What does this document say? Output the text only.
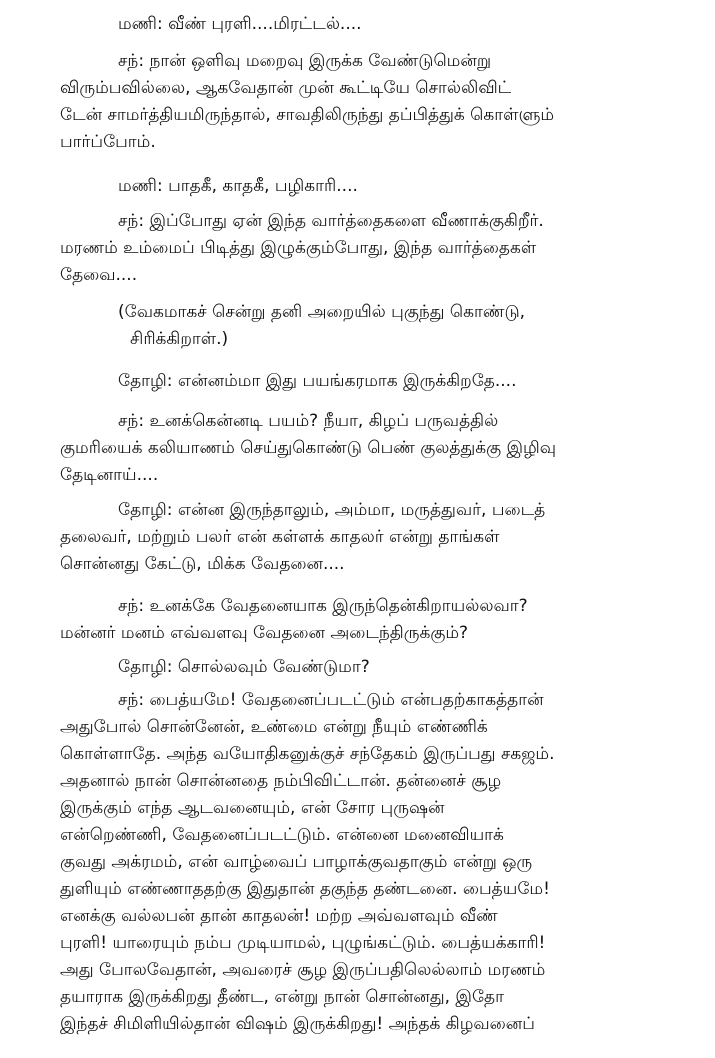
மணி: வீண் புரளி....மிரட்டல்....
சந்: நான் ஒளிவு மறைவு இருக்க வேண்டுமென்று
விரும்பவில்லை, ஆகவேதான் முன் கூட்டியே சொல்லிவிட்
டேன் சாமர்த்தியமிருந்தால், சாவதிலிருந்து தப்பித்துக் கொள்ளும்
பார்ப்போம்.
மணி: பாதகீ, காதகீ, பழிகாரி....
சந்: இப்போது ஏன் இந்த வார்த்தைகளை வீணாக்குகிறீர்.
மரணம் உம்மைப் பிடித்து இழுக்கும்போது, இந்த வார்த்தைகள்
தேவை....
(வேகமாகச் சென்று தனி அறையில் புகுந்து கொண்டு,
சிரிக்கிறாள்.)
தோழி: என்னம்மா இது பயங்கரமாக இருக்கிறதே....
சந்: உனக்கென்னடி பயம்? நீயா, கிழப் பருவத்தில்
குமரியைக் கலியாணம் செய்துகொண்டு பெண் குலத்துக்கு இழிவு
தேடினாய்....
தோழி: என்ன இருந்தாலும், அம்மா, மருத்துவர், படைத்
தலைவர், மற்றும் பலர் என் கள்ளக் காதலர் என்று தாங்கள்
சொன்னது கேட்டு, மிக்க வேதனை....
சந்: உனக்கே வேதனையாக இருந்தென்கிறாயல்லவா?
மன்னர் மனம் எவ்வளவு வேதனை அடைந்திருக்கும்?
தோழி: சொல்லவும் வேண்டுமா?
சந்: பைத்யமே! வேதனைப்படட்டும் என்பதற்காகத்தான்
அதுபோல் சொன்னேன், உண்மை என்று நீயும் எண்ணிக்
கொள்ளாதே. அந்த வயோதிகனுக்குச் சந்தேகம் இருப்பது சகஜம்.
அதனால் நான் சொன்னதை நம்பிவிட்டான். தன்னைச் சூழ
இருக்கும் எந்த ஆடவனையும், என் சோர புருஷன்
என்றெண்ணி, வேதனைப்படட்டும். என்னை மனைவியாக்
குவது அக்ரமம், என் வாழ்வைப் பாழாக்குவதாகும் என்று ஒரு
துளியும் எண்ணாததற்கு இதுதான் தகுந்த தண்டனை. பைத்யமே!
எனக்கு வல்லபன் தான் காதலன்! மற்ற அவ்வளவும் வீண்
புரளி! யாரையும் நம்ப முடியாமல், புழுங்கட்டும். பைத்யக்காரி!
அது போலவேதான், அவரைச் சூழ இருப்பதிலெல்லாம் மரணம்
தயாராக இருக்கிறது தீண்ட, என்று நான் சொன்னது, இதோ
இந்தச் சிமிளியில்தான் விஷம் இருக்கிறது! அந்தக் கிழவனைப்
